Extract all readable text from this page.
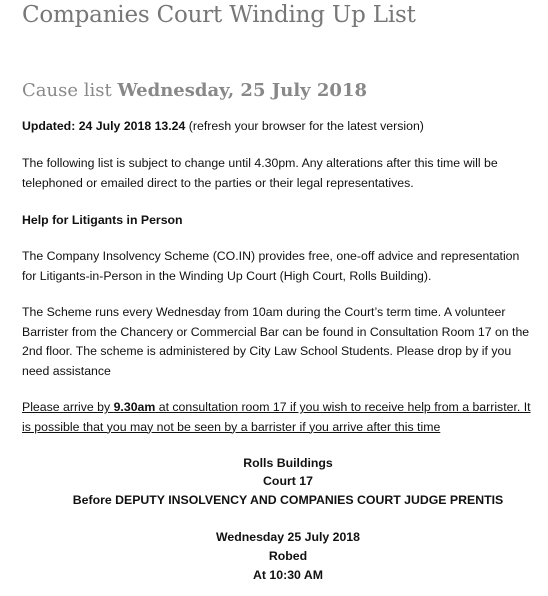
Companies Court Winding Up List
Cause list Wednesday, 25 July 2018
Updated: 24 July 2018 13.24 (refresh your browser for the latest version)
The following list is subject to change until 4.30pm. Any alterations after this time will be
telephoned or emailed direct to the parties or their legal representatives.
Help for Litigants in Person
The Company Insolvency Scheme (CO.IN) provides free, one-off advice and representation
for Litigants-in-Person in the Winding Up Court (High Court, Rolls Building).
The Scheme runs every Wednesday from 10am during the Court’s term time. A volunteer
Barrister from the Chancery or Commercial Bar can be found in Consultation Room 17 on the
2nd floor. The scheme is administered by City Law School Students. Please drop by if you
need assistance
Please arrive by 9.30am at consultation room 17 if you wish to receive help from a barrister. It
is possible that you may not be seen by a barrister if you arrive after this time
Rolls Buildings
Court 17
Before DEPUTY INSOLVENCY AND COMPANIES COURT JUDGE PRENTIS
Wednesday 25 July 2018
Robed
At 10:30 AM
